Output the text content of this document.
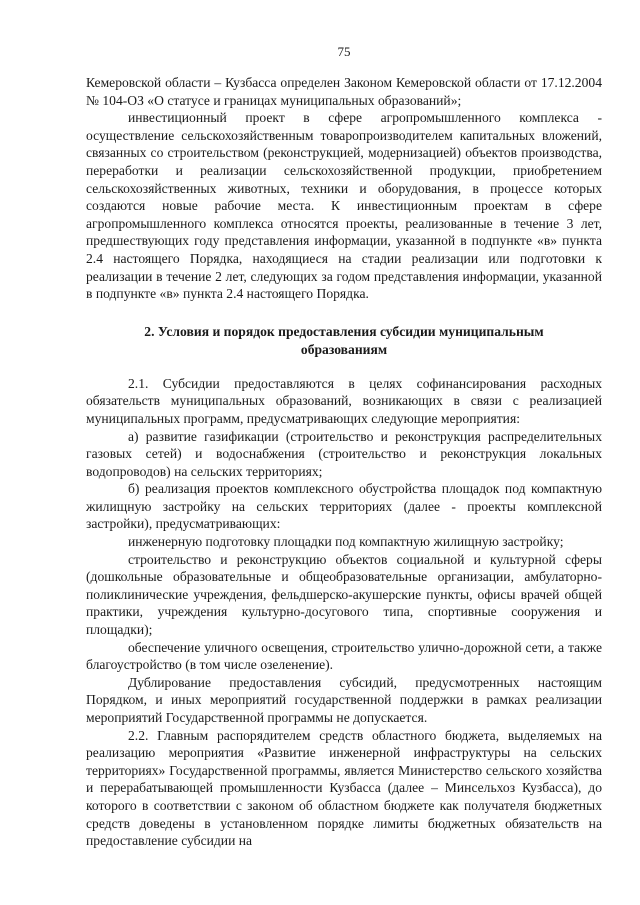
75

Кемеровской области – Кузбасса определен Законом Кемеровской области от 17.12.2004 № 104-ОЗ «О статусе и границах муниципальных образований»;

инвестиционный проект в сфере агропромышленного комплекса - осуществление сельскохозяйственным товаропроизводителем капитальных вложений, связанных со строительством (реконструкцией, модернизацией) объектов производства, переработки и реализации сельскохозяйственной продукции, приобретением сельскохозяйственных животных, техники и оборудования, в процессе которых создаются новые рабочие места. К инвестиционным проектам в сфере агропромышленного комплекса относятся проекты, реализованные в течение 3 лет, предшествующих году представления информации, указанной в подпункте «в» пункта 2.4 настоящего Порядка, находящиеся на стадии реализации или подготовки к реализации в течение 2 лет, следующих за годом представления информации, указанной в подпункте «в» пункта 2.4 настоящего Порядка.

2. Условия и порядок предоставления субсидии муниципальным образованиям

2.1. Субсидии предоставляются в целях софинансирования расходных обязательств муниципальных образований, возникающих в связи с реализацией муниципальных программ, предусматривающих следующие мероприятия:

а) развитие газификации (строительство и реконструкция распределительных газовых сетей) и водоснабжения (строительство и реконструкция локальных водопроводов) на сельских территориях;

б) реализация проектов комплексного обустройства площадок под компактную жилищную застройку на сельских территориях (далее - проекты комплексной застройки), предусматривающих:

инженерную подготовку площадки под компактную жилищную застройку;

строительство и реконструкцию объектов социальной и культурной сферы (дошкольные образовательные и общеобразовательные организации, амбулаторно-поликлинические учреждения, фельдшерско-акушерские пункты, офисы врачей общей практики, учреждения культурно-досугового типа, спортивные сооружения и площадки);

обеспечение уличного освещения, строительство улично-дорожной сети, а также благоустройство (в том числе озеленение).

Дублирование предоставления субсидий, предусмотренных настоящим Порядком, и иных мероприятий государственной поддержки в рамках реализации мероприятий Государственной программы не допускается.

2.2. Главным распорядителем средств областного бюджета, выделяемых на реализацию мероприятия «Развитие инженерной инфраструктуры на сельских территориях» Государственной программы, является Министерство сельского хозяйства и перерабатывающей промышленности Кузбасса (далее – Минсельхоз Кузбасса), до которого в соответствии с законом об областном бюджете как получателя бюджетных средств доведены в установленном порядке лимиты бюджетных обязательств на предоставление субсидии на
